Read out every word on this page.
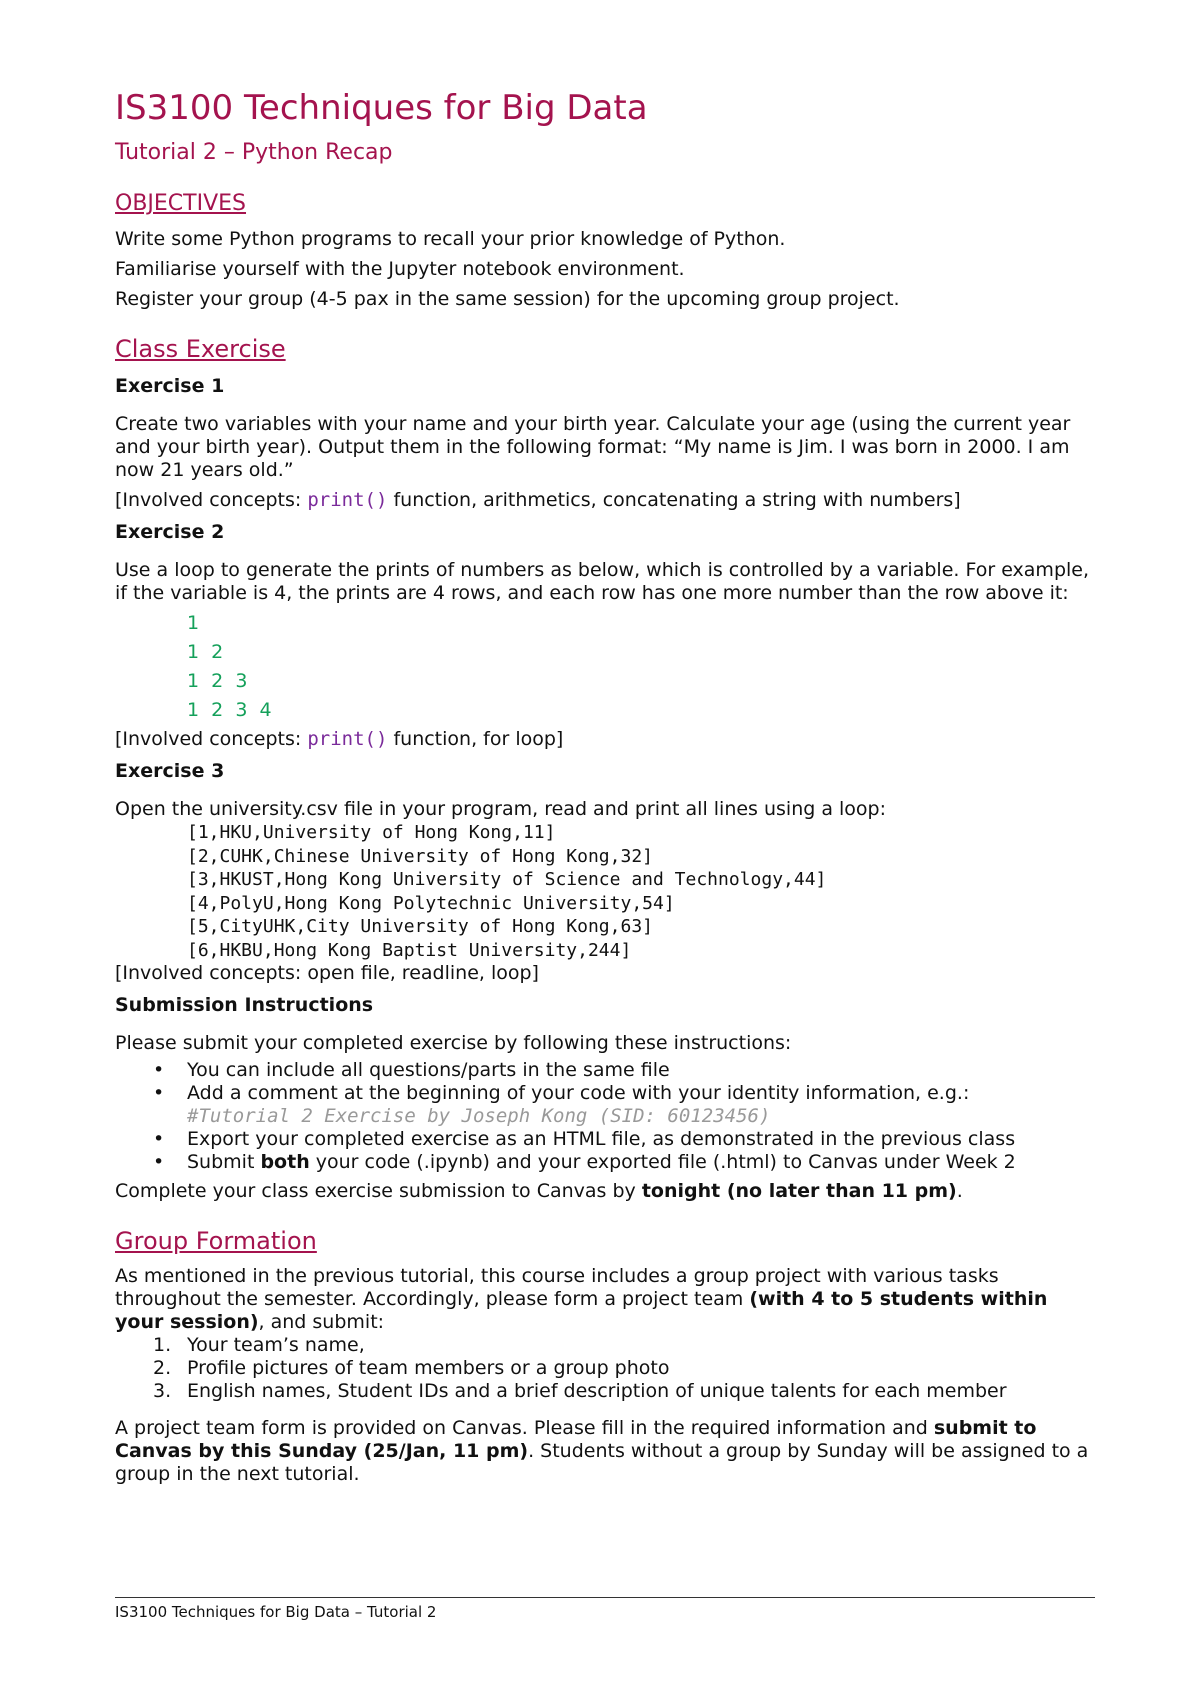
IS3100 Techniques for Big Data
Tutorial 2 – Python Recap
OBJECTIVES

Write some Python programs to recall your prior knowledge of Python.

Familiarise yourself with the Jupyter notebook environment.

Register your group (4-5 pax in the same session) for the upcoming group project.

Class Exercise
Exercise 1

Create two variables with your name and your birth year. Calculate your age (using the current year and your birth year). Output them in the following format: “My name is Jim. I was born in 2000. I am now 21 years old.”

[Involved concepts: print() function, arithmetics, concatenating a string with numbers]

Exercise 2

Use a loop to generate the prints of numbers as below, which is controlled by a variable. For example, if the variable is 4, the prints are 4 rows, and each row has one more number than the row above it:

1
1  2
1  2  3
1  2  3  4

[Involved concepts: print() function, for loop]

Exercise 3

Open the university.csv file in your program, read and print all lines using a loop:

[1,HKU,University of Hong Kong,11]
[2,CUHK,Chinese University of Hong Kong,32]
[3,HKUST,Hong Kong University of Science and Technology,44]
[4,PolyU,Hong Kong Polytechnic University,54]
[5,CityUHK,City University of Hong Kong,63]
[6,HKBU,Hong Kong Baptist University,244]

[Involved concepts: open file, readline, loop]

Submission Instructions

Please submit your completed exercise by following these instructions:

• You can include all questions/parts in the same file
• Add a comment at the beginning of your code with your identity information, e.g.:
#Tutorial 2 Exercise by Joseph Kong (SID: 60123456)
• Export your completed exercise as an HTML file, as demonstrated in the previous class
• Submit both your code (.ipynb) and your exported file (.html) to Canvas under Week 2

Complete your class exercise submission to Canvas by tonight (no later than 11 pm).

Group Formation

As mentioned in the previous tutorial, this course includes a group project with various tasks throughout the semester. Accordingly, please form a project team (with 4 to 5 students within your session), and submit:

1. Your team’s name,
2. Profile pictures of team members or a group photo
3. English names, Student IDs and a brief description of unique talents for each member

A project team form is provided on Canvas. Please fill in the required information and submit to Canvas by this Sunday (25/Jan, 11 pm). Students without a group by Sunday will be assigned to a group in the next tutorial.

IS3100 Techniques for Big Data – Tutorial 2
